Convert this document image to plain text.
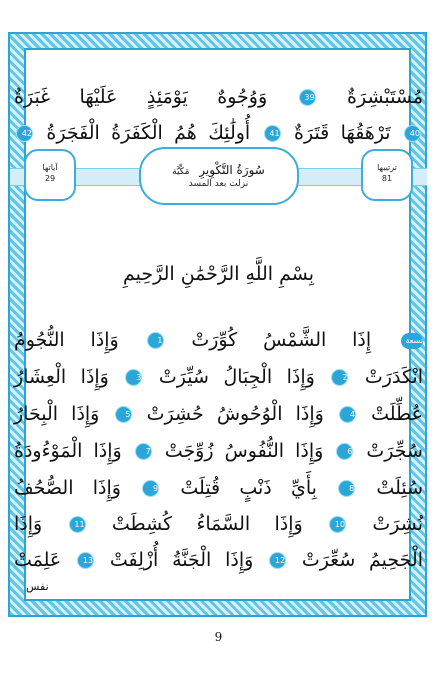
مُسْتَبْشِرَةٌ 39 وَوُجُوهٌ يَوْمَئِذٍ عَلَيْهَا غَبَرَةٌ
40 تَرْهَقُهَا قَتَرَةٌ 41 أُولَٰئِكَ هُمُ الْكَفَرَةُ الْفَجَرَةُ 42
ترتيبها
81
آياتها
29
سُورَةُ التَّكْوِيرِ مَكِّيَّة
نزلت بعد المسد
بِسْمِ اللَّهِ الرَّحْمَٰنِ الرَّحِيمِ
تسعة إِذَا الشَّمْسُ كُوِّرَتْ 1 وَإِذَا النُّجُومُ
انْكَدَرَتْ 2 وَإِذَا الْجِبَالُ سُيِّرَتْ 3 وَإِذَا الْعِشَارُ
عُطِّلَتْ 4 وَإِذَا الْوُحُوشُ حُشِرَتْ 5 وَإِذَا الْبِحَارُ
سُجِّرَتْ 6 وَإِذَا النُّفُوسُ زُوِّجَتْ 7 وَإِذَا الْمَوْءُودَةُ
سُئِلَتْ 8 بِأَيِّ ذَنْبٍ قُتِلَتْ 9 وَإِذَا الصُّحُفُ
نُشِرَتْ 10 وَإِذَا السَّمَاءُ كُشِطَتْ 11 وَإِذَا
الْجَحِيمُ سُعِّرَتْ 12 وَإِذَا الْجَنَّةُ أُزْلِفَتْ 13 عَلِمَتْ
نفس
9
